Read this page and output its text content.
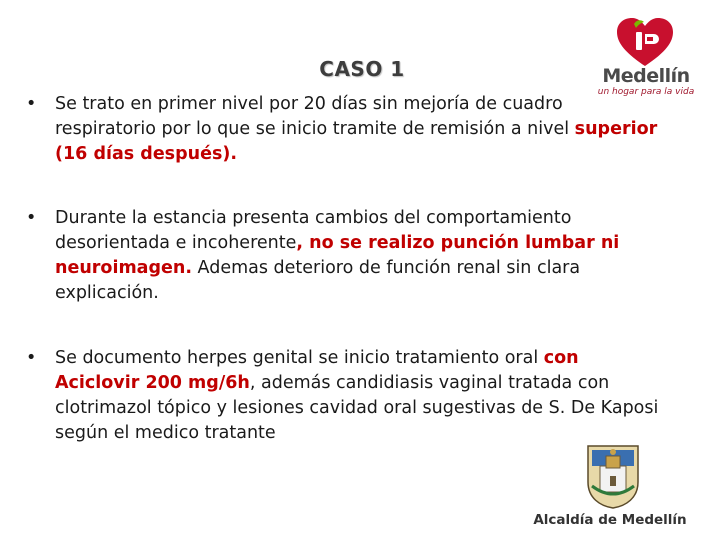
CASO 1
• Se trato en primer nivel por 20 días sin mejoría de cuadro respiratorio por lo que se inicio tramite de remisión a nivel superior (16 días después).
• Durante la estancia presenta cambios del comportamiento desorientada e incoherente, no se realizo punción lumbar ni neuroimagen. Ademas deterioro de función renal sin clara explicación.
• Se documento herpes genital se inicio tratamiento oral con Aciclovir 200 mg/6h, además candidiasis vaginal tratada con clotrimazol tópico y lesiones cavidad oral sugestivas de S. De Kaposi según el medico tratante
Medellín
un hogar para la vida
Alcaldía de Medellín
